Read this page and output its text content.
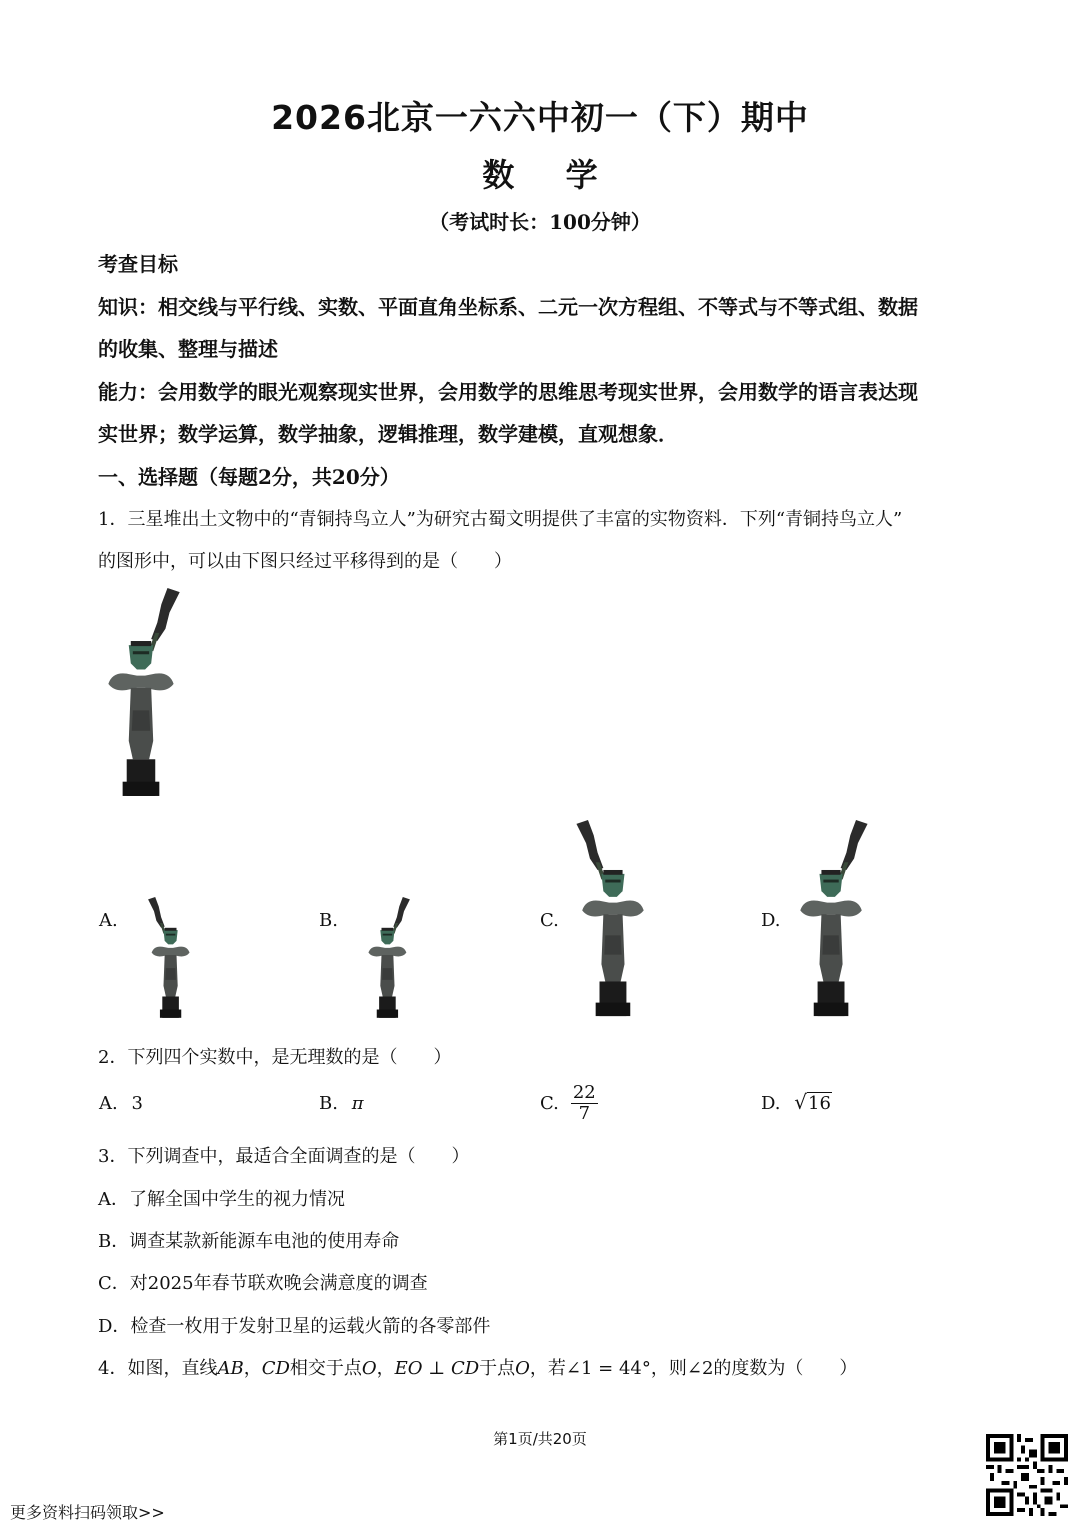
2026北京一六六中初一（下）期中
数 学
（考试时长：100分钟）
考查目标
知识：相交线与平行线、实数、平面直角坐标系、二元一次方程组、不等式与不等式组、数据
的收集、整理与描述
能力：会用数学的眼光观察现实世界，会用数学的思维思考现实世界，会用数学的语言表达现
实世界；数学运算，数学抽象，逻辑推理，数学建模，直观想象．
一、选择题（每题2分，共20分）
1．三星堆出土文物中的“青铜持鸟立人”为研究古蜀文明提供了丰富的实物资料．下列“青铜持鸟立人”
的图形中，可以由下图只经过平移得到的是（　　）
A.	B.	C.	D.
2．下列四个实数中，是无理数的是（　　）
A. 3	B. π	C. $\frac{22}{7}$	D. √16
3．下列调查中，最适合全面调查的是（　　）
A．了解全国中学生的视力情况
B．调查某款新能源车电池的使用寿命
C．对2025年春节联欢晚会满意度的调查
D．检查一枚用于发射卫星的运载火箭的各零部件
4．如图，直线AB，CD相交于点O，EO ⊥ CD于点O，若∠1 = 44°，则∠2的度数为（　　）
第1页/共20页
更多资料扫码领取>>
